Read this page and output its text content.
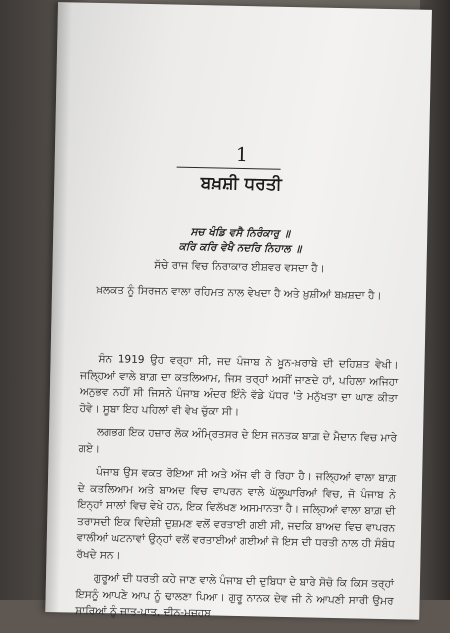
1
ਬਖ਼ਸ਼ੀ ਧਰਤੀ
ਸਚ ਖੰਡਿ ਵਸੈ ਨਿਰੰਕਾਰੁ ॥
ਕਰਿ ਕਰਿ ਵੇਖੈ ਨਦਰਿ ਨਿਹਾਲ ॥
ਸੱਚੇ ਰਾਜ ਵਿਚ ਨਿਰਾਕਾਰ ਈਸ਼ਵਰ ਵਸਦਾ ਹੈ।
ਖ਼ਲਕਤ ਨੂੰ ਸਿਰਜਨ ਵਾਲਾ ਰਹਿਮਤ ਨਾਲ ਵੇਖਦਾ ਹੈ ਅਤੇ ਖ਼ੁਸ਼ੀਆਂ ਬਖ਼ਸ਼ਦਾ ਹੈ।

ਸੰਨ 1919 ਉਹ ਵਰ੍ਹਾ ਸੀ, ਜਦ ਪੰਜਾਬ ਨੇ ਖ਼ੂਨ-ਖ਼ਰਾਬੇ ਦੀ ਦਹਿਸ਼ਤ ਵੇਖੀ। ਜਲ੍ਹਿਆਂ ਵਾਲੇ ਬਾਗ਼ ਦਾ ਕਤਲਿਆਮ, ਜਿਸ ਤਰ੍ਹਾਂ ਅਸੀਂ ਜਾਣਦੇ ਹਾਂ, ਪਹਿਲਾ ਅਜਿਹਾ ਅਨੁਭਵ ਨਹੀਂ ਸੀ ਜਿਸਨੇ ਪੰਜਾਬ ਅੰਦਰ ਇੰਨੇ ਵੱਡੇ ਪੱਧਰ 'ਤੇ ਮਨੁੱਖਤਾ ਦਾ ਘਾਣ ਕੀਤਾ ਹੋਵੇ। ਸੂਬਾ ਇਹ ਪਹਿਲਾਂ ਵੀ ਵੇਖ ਚੁੱਕਾ ਸੀ।

ਲਗਭਗ ਇਕ ਹਜ਼ਾਰ ਲੋਕ ਅੰਮ੍ਰਿਤਸਰ ਦੇ ਇਸ ਜਨਤਕ ਬਾਗ਼ ਦੇ ਮੈਦਾਨ ਵਿਚ ਮਾਰੇ ਗਏ।

ਪੰਜਾਬ ਉਸ ਵਕਤ ਰੋਇਆ ਸੀ ਅਤੇ ਅੱਜ ਵੀ ਰੋ ਰਿਹਾ ਹੈ। ਜਲ੍ਹਿਆਂ ਵਾਲਾ ਬਾਗ਼ ਦੇ ਕਤਲਿਆਮ ਅਤੇ ਬਾਅਦ ਵਿਚ ਵਾਪਰਨ ਵਾਲੇ ਘੱਲੂਘਾਰਿਆਂ ਵਿਚ, ਜੋ ਪੰਜਾਬ ਨੇ ਇਨ੍ਹਾਂ ਸਾਲਾਂ ਵਿਚ ਵੇਖੇ ਹਨ, ਇਕ ਵਿਲੱਖਣ ਅਸਮਾਨਤਾ ਹੈ। ਜਲ੍ਹਿਆਂ ਵਾਲਾ ਬਾਗ਼ ਦੀ ਤਰਾਸਦੀ ਇਕ ਵਿਦੇਸ਼ੀ ਦੁਸ਼ਮਣ ਵਲੋਂ ਵਰਤਾਈ ਗਈ ਸੀ, ਜਦਕਿ ਬਾਅਦ ਵਿਚ ਵਾਪਰਨ ਵਾਲੀਆਂ ਘਟਨਾਵਾਂ ਉਨ੍ਹਾਂ ਵਲੋਂ ਵਰਤਾਈਆਂ ਗਈਆਂ ਜੋ ਇਸ ਦੀ ਧਰਤੀ ਨਾਲ ਹੀ ਸੰਬੰਧ ਰੱਖਦੇ ਸਨ।

ਗੁਰੂਆਂ ਦੀ ਧਰਤੀ ਕਹੇ ਜਾਣ ਵਾਲੇ ਪੰਜਾਬ ਦੀ ਦੁਬਿਧਾ ਦੇ ਬਾਰੇ ਸੋਚੋ ਕਿ ਕਿਸ ਤਰ੍ਹਾਂ ਇਸਨੂੰ ਆਪਣੇ ਆਪ ਨੂੰ ਢਾਲਣਾ ਪਿਆ। ਗੁਰੂ ਨਾਨਕ ਦੇਵ ਜੀ ਨੇ ਆਪਣੀ ਸਾਰੀ ਉਮਰ ਸਾਰਿਆਂ ਨੂੰ ਜਾਤ-ਪਾਤ, ਦੀਨ-ਮਜ਼ਹਬ
